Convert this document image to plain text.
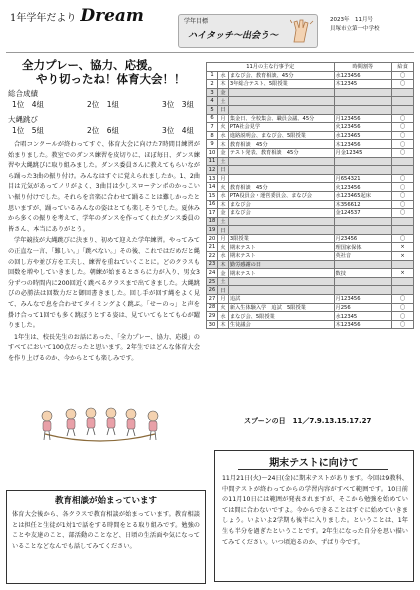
1年学年だより Dream	学年目標
ハイタッチ～出会う～
2023年　11月号
貝塚市立第一中学校
全力プレー、協力、応援。
やり切ったね！体育大会！！
総合成績
1位　4組	2位　1組	3位　3組
大縄跳び
1位　5組	2位　6組	3位　4組

合唱コンクールが終わってすぐ、体育大会に向けた7時間目練習が始まりました。教室でのダンス練習を皮切りに、ほぼ毎日、ダンス練習や大縄跳びに取り組みました。ダンス委員さんに教えてもらいながら踊った3曲の振り付け。みんなはすぐに覚えられましたか。1、2曲目は元気があってノリがよく、3曲目は少しスローテンポのかっこいい振り付けでした。それらを音楽に合わせて踊ることは難しかったと思いますが、踊っているみんなの姿はとても楽しそうでした。夏休みから多くの振りを考えて、学年のダンスを作ってくれたダンス委員の皆さん、本当にありがとう。

学年競技が大縄跳びに決まり、初めて迎えた学年練習。やってみての正直な一言、「難しい。」「跳べない。」その後、これではだめだと縄の回し方や並び方を工夫し、練習を重ねていくことに。どのクラスも回数を増やしていきました。朝練が始まるとさらに力が入り、男女3分ずつの時間内に200回近く跳べるクラスまで出てきました。大縄跳びの必勝法は回数力だと御回書きました。回し手が回す縄をよく見て、みんなで息を合わせてタイミングよく跳ぶ。「せーのっ」と声を掛け合って1回でも多く跳ぼうとする姿は、見ていてもとても心が躍りました。

1年生は、校長先生のお話にあった、「全力プレー、協力、応援」のすべてにおいて100点だったと思います。2年生ではどんな体育大会を作り上げるのか、今からとても楽しみです。

教育相談が始まっています
体育大会後から、各クラスで教育相談が始まっています。教育相談とは担任と生徒が1対1で話をする時間をとる取り組みです。勉強のことや友達のこと、部活動のことなど、日頃の生活面や気になっていることなどなんでも話してみてください。
11月の主な行事予定			時間割等	給食
1	水	まなび会、教育相談、45分	水123456	〇
2	木	3年総合テスト、5限授業	木12345	〇
3	金			
4	土			
5	日			
6	月	集金日、全校集会、職員会議、45分	月123456	〇
7	火	PTA社会見学	火123456	〇
8	水	進路説明会、まなび会、5限授業	水123465	〇
9	木	教育相談　45分	木123456	〇
10	金	テスト発表、教育相談　45分	月金12345	〇
11	土			
12	日			
13	月		月654321	〇
14	火	教育相談　45分	火123456	〇
15	水	PTA役員会・運営委員会、まなび会	水123465起床	〇
16	木	まなび会	木356612	〇
17	金	まなび会	金124537	〇
18	土			
19	日			
20	月	3限授業	月23456	〇
21	火	期末テスト	理国家保体	×
22	水	期末テスト	英社音	×
23	木	勤労感謝の日		
24	金	期末テスト	数技	×
25	土			
26	日			
27	月	追試	月123456	〇
28	火	新入生体験入学　追試　5限授業	月256	〇
29	水	まなび会、5限授業	水12345	〇
30	木	生徒議会	木123456	〇
スプーンの日　11／7.9.13.15.17.27
期末テストに向けて
11月21日(火)～24日(金)に期末テストがあります。今回は9教科、中間テストが終わってからの学習内容がすべて範囲です。10日前の11月10日には範囲が発表されますが、そこから勉強を始めていては間に合わないですよ。今からできることはすぐに始めていきましょう。いよいよ2学期も後半に入りました。ということは、1年生も半分を過ぎたということです。2年生になった自分を思い描いてみてください。いつ頃追るのか、ずばり今です。
